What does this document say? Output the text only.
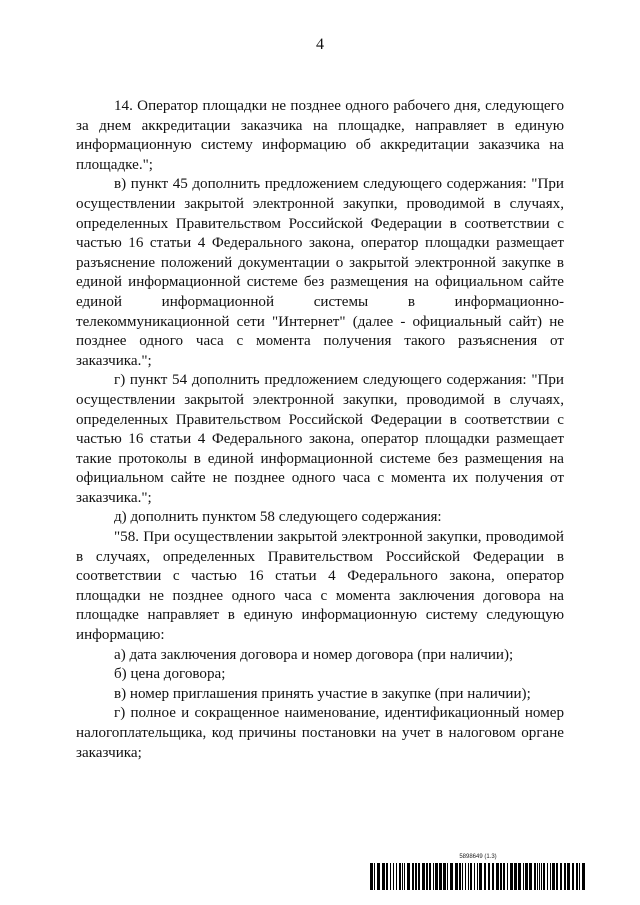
4

14. Оператор площадки не позднее одного рабочего дня, следующего за днем аккредитации заказчика на площадке, направляет в единую информационную систему информацию об аккредитации заказчика на площадке.";

в) пункт 45 дополнить предложением следующего содержания: "При осуществлении закрытой электронной закупки, проводимой в случаях, определенных Правительством Российской Федерации в соответствии с частью 16 статьи 4 Федерального закона, оператор площадки размещает разъяснение положений документации о закрытой электронной закупке в единой информационной системе без размещения на официальном сайте единой информационной системы в информационно-телекоммуникационной сети "Интернет" (далее - официальный сайт) не позднее одного часа с момента получения такого разъяснения от заказчика.";

г) пункт 54 дополнить предложением следующего содержания: "При осуществлении закрытой электронной закупки, проводимой в случаях, определенных Правительством Российской Федерации в соответствии с частью 16 статьи 4 Федерального закона, оператор площадки размещает такие протоколы в единой информационной системе без размещения на официальном сайте не позднее одного часа с момента их получения от заказчика.";

д) дополнить пунктом 58 следующего содержания:

"58. При осуществлении закрытой электронной закупки, проводимой в случаях, определенных Правительством Российской Федерации в соответствии с частью 16 статьи 4 Федерального закона, оператор площадки не позднее одного часа с момента заключения договора на площадке направляет в единую информационную систему следующую информацию:

а) дата заключения договора и номер договора (при наличии);

б) цена договора;

в) номер приглашения принять участие в закупке (при наличии);

г) полное и сокращенное наименование, идентификационный номер налогоплательщика, код причины постановки на учет в налоговом органе заказчика;

5898649 (1.3)
